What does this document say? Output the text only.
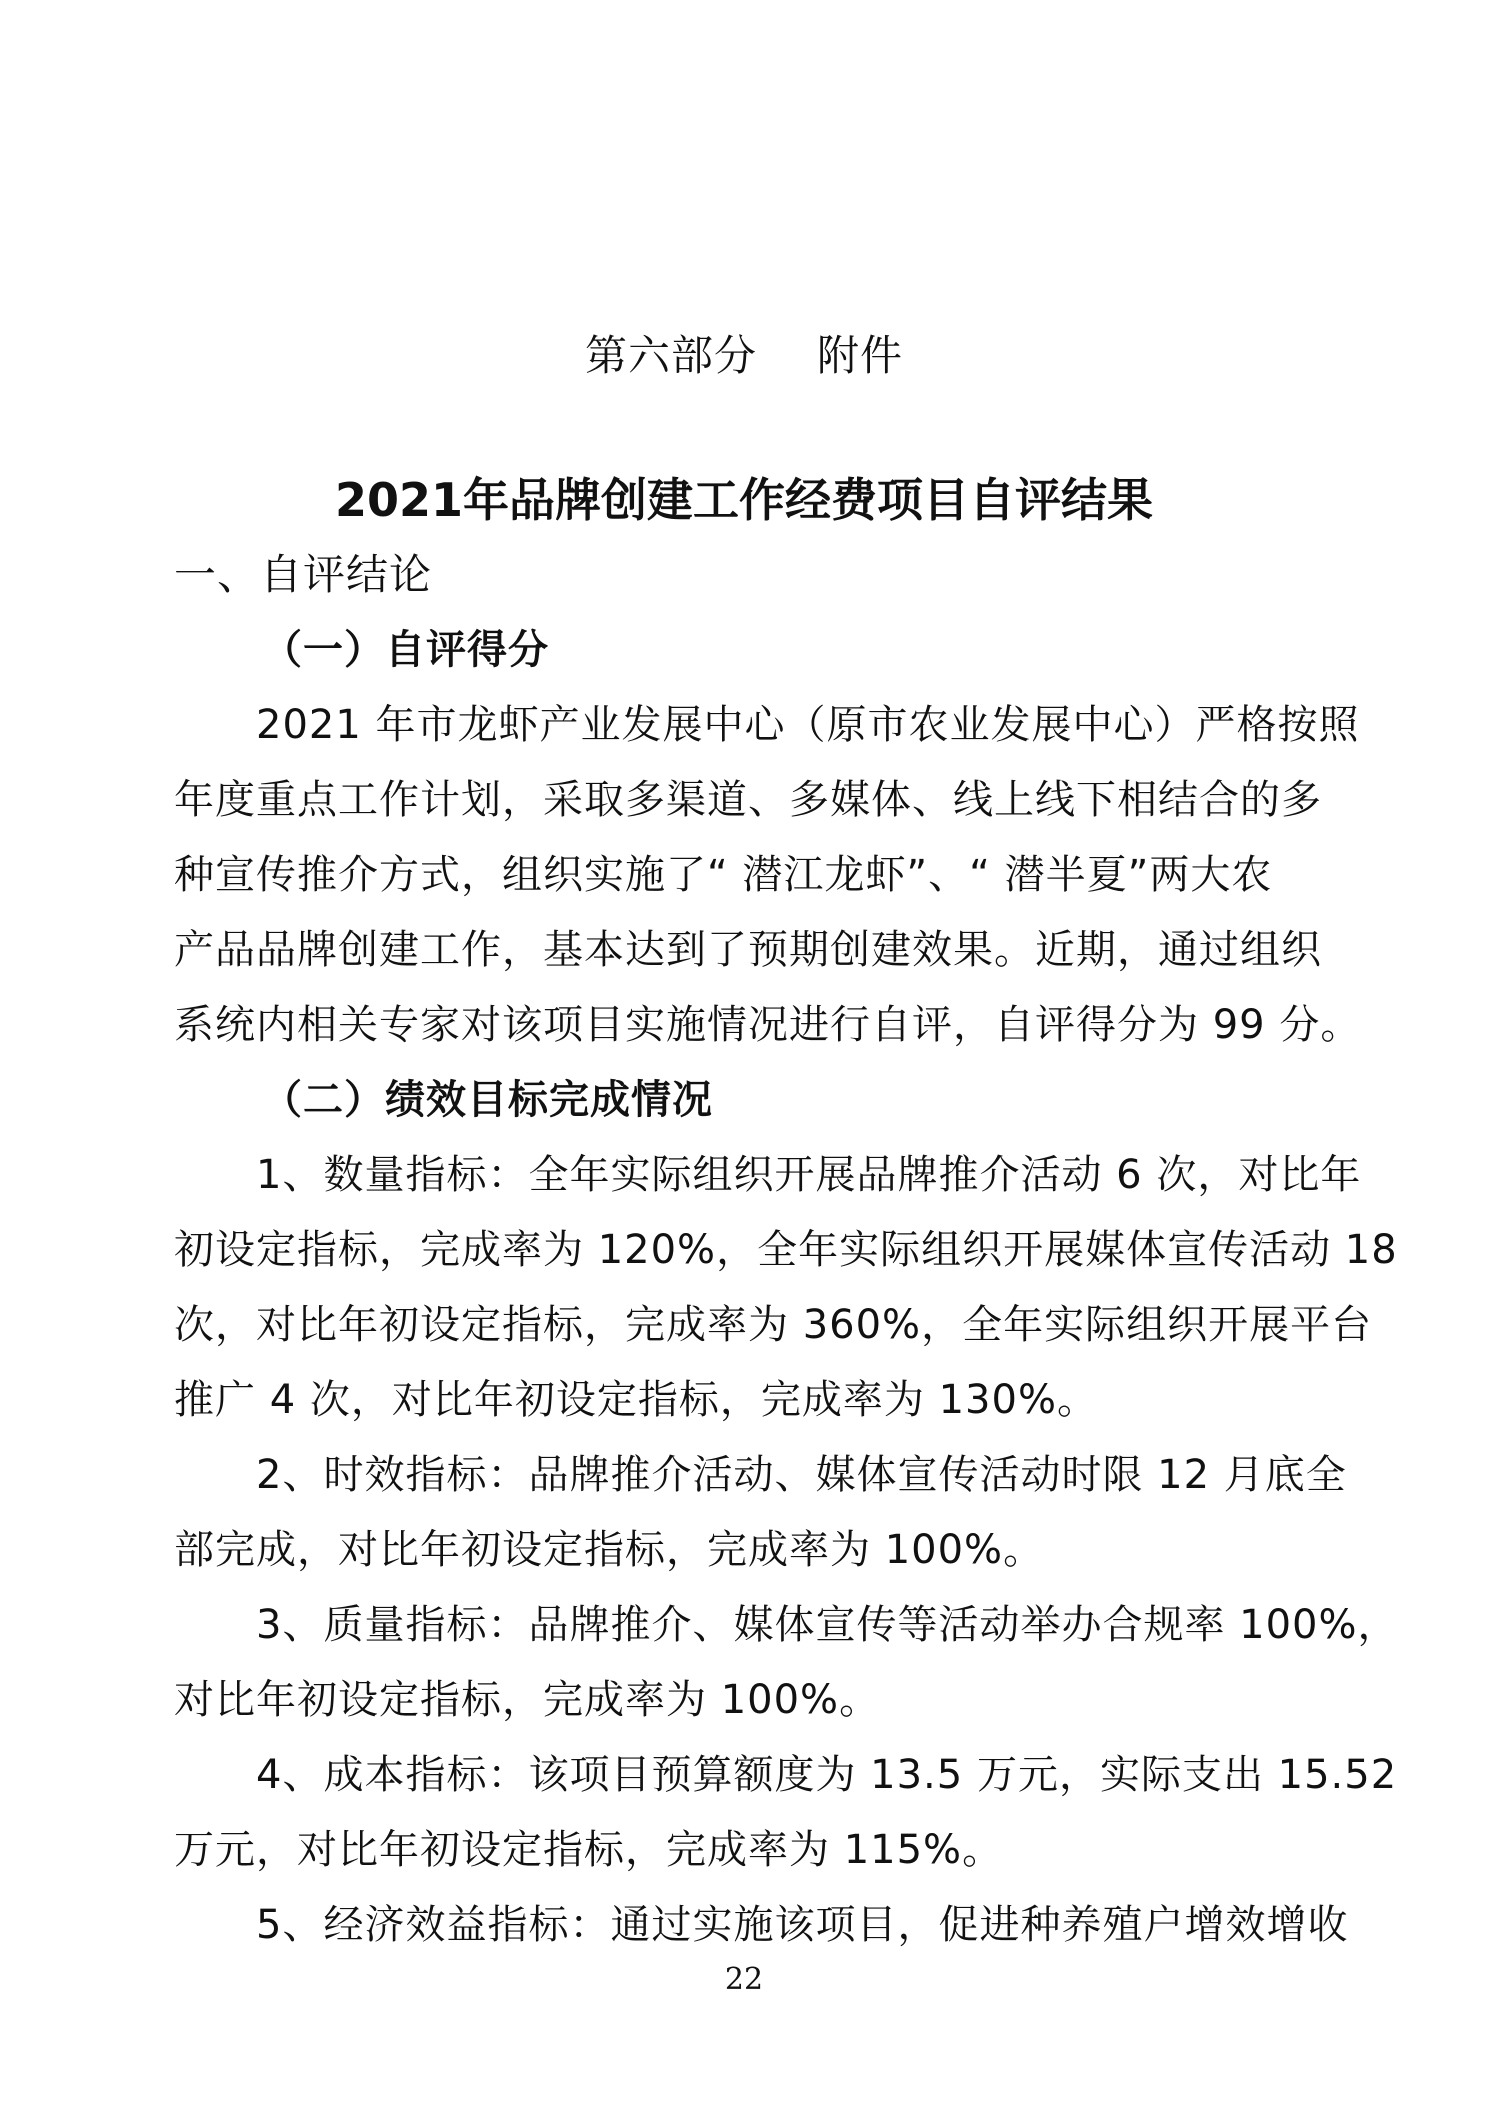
第六部分 附件
2021年品牌创建工作经费项目自评结果
一、自评结论
（一）自评得分
2021 年市龙虾产业发展中心（原市农业发展中心）严格按照
年度重点工作计划，采取多渠道、多媒体、线上线下相结合的多
种宣传推介方式，组织实施了“ 潜江龙虾”、“ 潜半夏”两大农
产品品牌创建工作，基本达到了预期创建效果。近期，通过组织
系统内相关专家对该项目实施情况进行自评，自评得分为 99 分。
（二）绩效目标完成情况
1、数量指标：全年实际组织开展品牌推介活动 6 次，对比年
初设定指标，完成率为 120%，全年实际组织开展媒体宣传活动 18
次，对比年初设定指标，完成率为 360%，全年实际组织开展平台
推广 4 次，对比年初设定指标，完成率为 130%。
2、时效指标：品牌推介活动、媒体宣传活动时限 12 月底全
部完成，对比年初设定指标，完成率为 100%。
3、质量指标：品牌推介、媒体宣传等活动举办合规率 100%，
对比年初设定指标，完成率为 100%。
4、成本指标：该项目预算额度为 13.5 万元，实际支出 15.52
万元，对比年初设定指标，完成率为 115%。
5、经济效益指标：通过实施该项目，促进种养殖户增效增收
22
